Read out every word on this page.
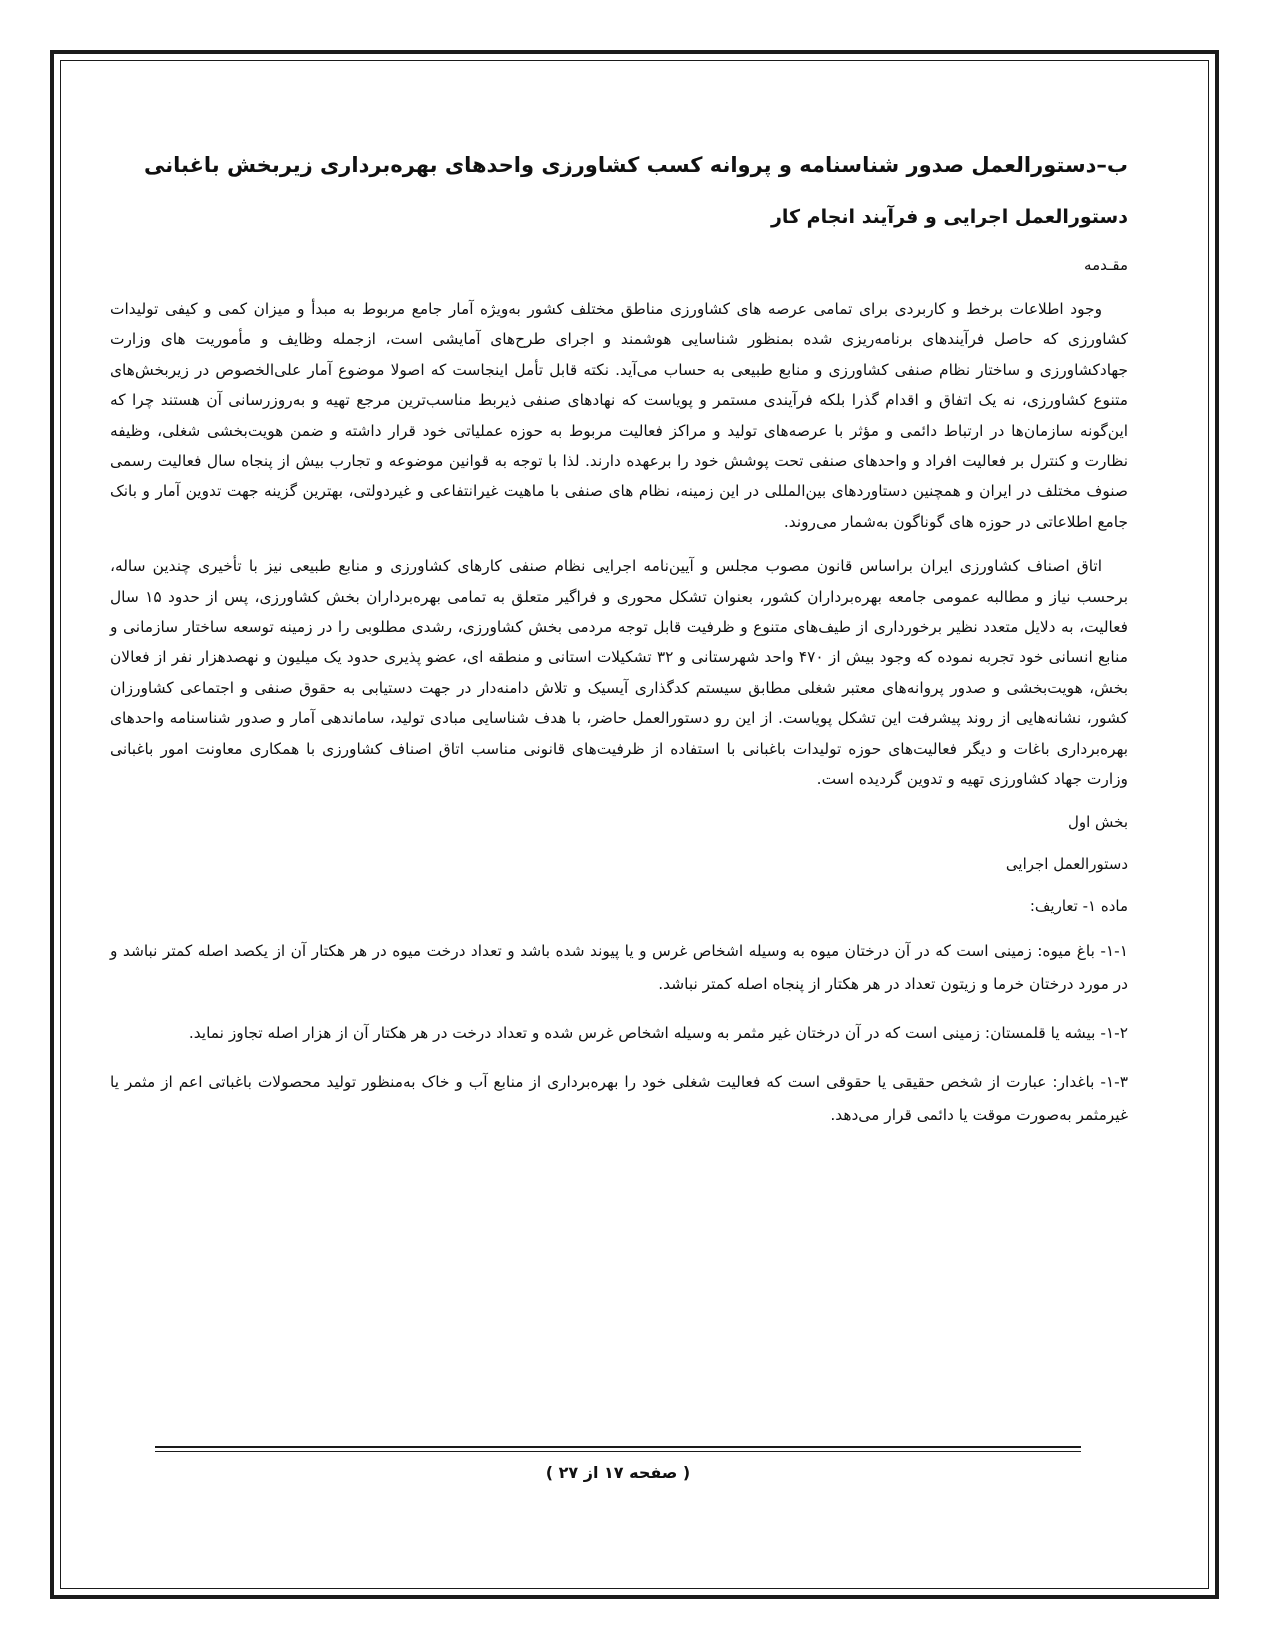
ب–دستورالعمل صدور شناسنامه و پروانه کسب کشاورزی واحدهای بهره‌برداری زیربخش باغبانی
دستورالعمل اجرایی و فرآیند انجام کار
مقـدمه

وجود اطلاعات برخط و کاربردی برای تمامی عرصه های کشاورزی مناطق مختلف کشور به‌ویژه آمار جامع مربوط به مبدأ و میزان کمی و کیفی تولیدات کشاورزی که حاصل فرآیندهای برنامه‌ریزی شده بمنظور شناسایی هوشمند و اجرای طرح‌های آمایشی است، ازجمله وظایف و مأموریت های وزارت جهادکشاورزی و ساختار نظام صنفی کشاورزی و منابع طبیعی به حساب می‌آید. نکته قابل تأمل اینجاست که اصولا موضوع آمار علی‌الخصوص در زیربخش‌های متنوع کشاورزی، نه یک اتفاق و اقدام گذرا بلکه فرآیندی مستمر و پویاست که نهادهای صنفی ذیربط مناسب‌ترین مرجع تهیه و به‌روزرسانی آن هستند چرا که این‌گونه سازمان‌ها در ارتباط دائمی و مؤثر با عرصه‌های تولید و مراکز فعالیت مربوط به حوزه عملیاتی خود قرار داشته و ضمن هویت‌بخشی شغلی، وظیفه نظارت و کنترل بر فعالیت افراد و واحدهای صنفی تحت پوشش خود را برعهده دارند. لذا با توجه به قوانین موضوعه و تجارب بیش از پنجاه سال فعالیت رسمی صنوف مختلف در ایران و همچنین دستاوردهای بین‌المللی در این زمینه، نظام های صنفی با ماهیت غیرانتفاعی و غیردولتی، بهترین گزینه جهت تدوین آمار و بانک جامع اطلاعاتی در حوزه های گوناگون به‌شمار می‌روند.

اتاق اصناف کشاورزی ایران براساس قانون مصوب مجلس و آیین‌نامه اجرایی نظام صنفی کارهای کشاورزی و منابع طبیعی نیز با تأخیری چندین ساله، برحسب نیاز و مطالبه عمومی جامعه بهره‌برداران کشور، بعنوان تشکل محوری و فراگیر متعلق به تمامی بهره‌برداران بخش کشاورزی، پس از حدود ۱۵ سال فعالیت، به دلایل متعدد نظیر برخورداری از طیف‌های متنوع و ظرفیت قابل توجه مردمی بخش کشاورزی، رشدی مطلوبی را در زمینه توسعه ساختار سازمانی و منابع انسانی خود تجربه نموده که وجود بیش از ۴۷۰ واحد شهرستانی و ۳۲ تشکیلات استانی و منطقه ای، عضو پذیری حدود یک میلیون و نهصدهزار نفر از فعالان بخش، هویت‌بخشی و صدور پروانه‌های معتبر شغلی مطابق سیستم کدگذاری آیسیک و تلاش دامنه‌دار در جهت دستیابی به حقوق صنفی و اجتماعی کشاورزان کشور، نشانه‌هایی از روند پیشرفت این تشکل پویاست. از این رو دستورالعمل حاضر، با هدف شناسایی مبادی تولید، ساماندهی آمار و صدور شناسنامه واحدهای بهره‌برداری باغات و دیگر فعالیت‌های حوزه تولیدات باغبانی با استفاده از ظرفیت‌های قانونی مناسب اتاق اصناف کشاورزی با همکاری معاونت امور باغبانی وزارت جهاد کشاورزی تهیه و تدوین گردیده است.

بخش اول
دستورالعمل اجرایی
ماده ۱- تعاریف:

۱-۱- باغ میوه: زمینی است که در آن درختان میوه به وسیله اشخاص غرس و یا پیوند شده باشد و تعداد درخت میوه در هر هکتار آن از یکصد اصله کمتر نباشد و در مورد درختان خرما و زیتون تعداد در هر هکتار از پنجاه اصله کمتر نباشد.

۱-۲- بیشه یا قلمستان: زمینی است که در آن درختان غیر مثمر به وسیله اشخاص غرس شده و تعداد درخت در هر هکتار آن از هزار اصله تجاوز نماید.

۱-۳- باغدار: عبارت از شخص حقیقی یا حقوقی است که فعالیت شغلی خود را بهره‌برداری از منابع آب و خاک به‌منظور تولید محصولات باغباتی اعم از مثمر یا غیرمثمر به‌صورت موقت یا دائمی قرار می‌دهد.

( صفحه ۱۷ از ۲۷ )
